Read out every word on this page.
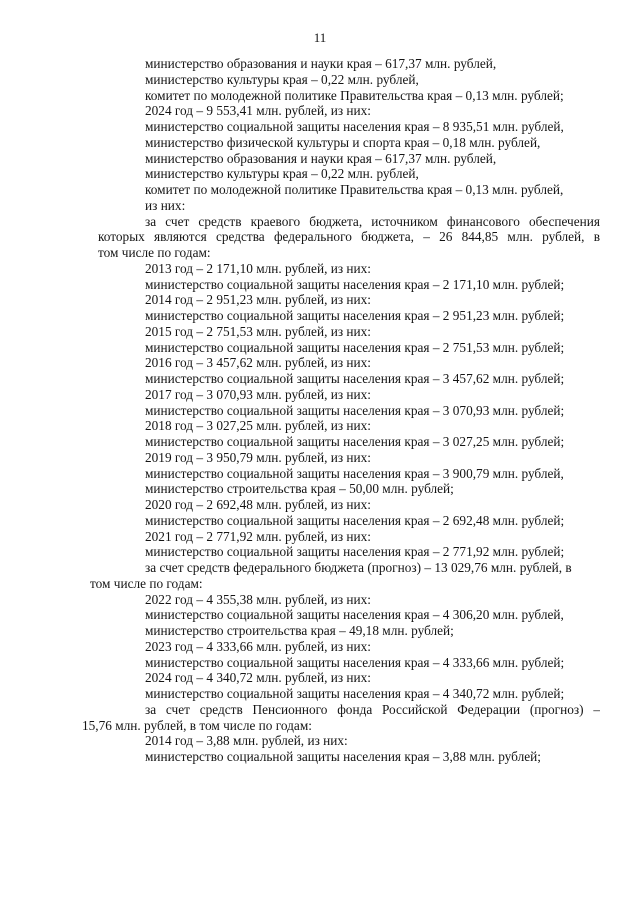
11
министерство образования и науки края – 617,37 млн. рублей,
министерство культуры края – 0,22 млн. рублей,
комитет по молодежной политике Правительства края – 0,13 млн. рублей;
2024 год – 9 553,41 млн. рублей, из них:
министерство социальной защиты населения края – 8 935,51 млн. рублей,
министерство физической культуры и спорта края – 0,18 млн. рублей,
министерство образования и науки края – 617,37 млн. рублей,
министерство культуры края – 0,22 млн. рублей,
комитет по молодежной политике Правительства края – 0,13 млн. рублей,
из них:
за счет средств краевого бюджета, источником финансового обеспечения
которых являются средства федерального бюджета, – 26 844,85 млн. рублей, в
том числе по годам:
2013 год – 2 171,10 млн. рублей, из них:
министерство социальной защиты населения края – 2 171,10 млн. рублей;
2014 год – 2 951,23 млн. рублей, из них:
министерство социальной защиты населения края – 2 951,23 млн. рублей;
2015 год – 2 751,53 млн. рублей, из них:
министерство социальной защиты населения края – 2 751,53 млн. рублей;
2016 год – 3 457,62 млн. рублей, из них:
министерство социальной защиты населения края – 3 457,62 млн. рублей;
2017 год – 3 070,93 млн. рублей, из них:
министерство социальной защиты населения края – 3 070,93 млн. рублей;
2018 год – 3 027,25 млн. рублей, из них:
министерство социальной защиты населения края – 3 027,25 млн. рублей;
2019 год – 3 950,79 млн. рублей, из них:
министерство социальной защиты населения края – 3 900,79 млн. рублей,
министерство строительства края – 50,00 млн. рублей;
2020 год – 2 692,48 млн. рублей, из них:
министерство социальной защиты населения края – 2 692,48 млн. рублей;
2021 год – 2 771,92 млн. рублей, из них:
министерство социальной защиты населения края – 2 771,92 млн. рублей;
за счет средств федерального бюджета (прогноз) – 13 029,76 млн. рублей, в
том числе по годам:
2022 год – 4 355,38 млн. рублей, из них:
министерство социальной защиты населения края – 4 306,20 млн. рублей,
министерство строительства края – 49,18 млн. рублей;
2023 год – 4 333,66 млн. рублей, из них:
министерство социальной защиты населения края – 4 333,66 млн. рублей;
2024 год – 4 340,72 млн. рублей, из них:
министерство социальной защиты населения края – 4 340,72 млн. рублей;
за счет средств Пенсионного фонда Российской Федерации (прогноз) –
15,76 млн. рублей, в том числе по годам:
2014 год – 3,88 млн. рублей, из них:
министерство социальной защиты населения края – 3,88 млн. рублей;
